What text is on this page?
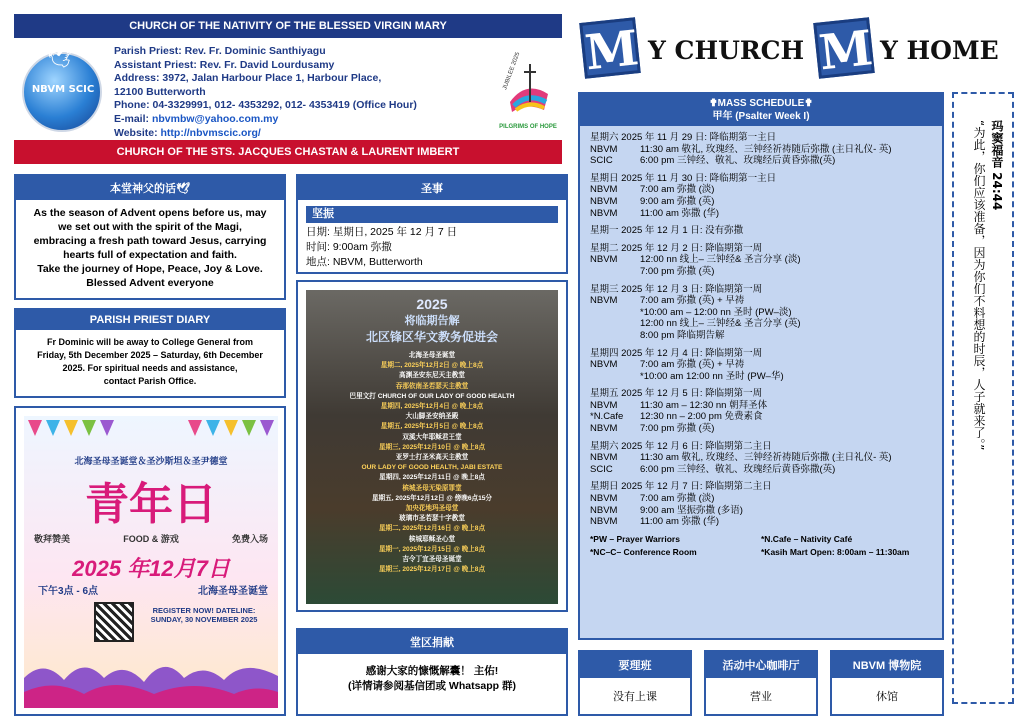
CHURCH OF THE NATIVITY OF THE BLESSED VIRGIN MARY
🕊
NBVM SCIC
Parish Priest: Rev. Fr. Dominic Santhiyagu
Assistant Priest: Rev. Fr. David Lourdusamy
Address: 3972, Jalan Harbour Place 1, Harbour Place,
12100 Butterworth
Phone: 04-3329991, 012- 4353292, 012- 4353419 (Office Hour)
E-mail: nbvmbw@yahoo.com.my
Website: http://nbvmscic.org/
JUBILEE 2025
PILGRIMS OF HOPE
CHURCH OF THE STS. JACQUES CHASTAN & LAURENT IMBERT
本堂神父的话🕊
As the season of Advent opens before us, may
we set out with the spirit of the Magi,
embracing a fresh path toward Jesus, carrying
hearts full of expectation and faith.
Take the journey of Hope, Peace, Joy & Love.
Blessed Advent everyone
PARISH PRIEST DIARY
Fr Dominic will be away to College General from
Friday, 5th December 2025 – Saturday, 6th December
2025. For spiritual needs and assistance,
contact Parish Office.
北海圣母圣诞堂＆圣沙斯坦＆圣尹德堂
青年日
敬拜赞美	FOOD & 游戏	免费入场
2025 年12月7日
下午3点 - 6点	北海圣母圣诞堂
REGISTER NOW! DATELINE: SUNDAY, 30 NOVEMBER 2025
圣事
坚振
日期: 星期日, 2025 年 12 月 7 日
时间: 9:00am 弥撒
地点: NBVM, Butterworth
2025
将临期告解
北区锋区华文教务促进会
北海圣母圣诞堂
星期二, 2025年12月2日 @ 晚上8点
高渊圣安东尼天主教堂
吞那依南圣若瑟天主教堂
巴里文打 CHURCH OF OUR LADY OF GOOD HEALTH
星期四, 2025年12月4日 @ 晚上8点
大山脚圣安纳圣殿
星期五, 2025年12月5日 @ 晚上8点
双溪大年耶稣君王堂
星期三, 2025年12月10日 @ 晚上8点
亚罗士打圣米高天主教堂
OUR LADY OF GOOD HEALTH, JABI ESTATE
星期四, 2025年12月11日 @ 晚上8点
槟城圣母无染原罪堂
星期五, 2025年12月12日 @ 傍晚6点15分
加央花地玛圣母堂
玻璃市圣若瑟十字教堂
星期二, 2025年12月16日 @ 晚上8点
槟城耶稣圣心堂
星期一, 2025年12月15日 @ 晚上8点
吉令丁宜圣母圣诞堂
星期三, 2025年12月17日 @ 晚上8点
堂区捐献
感谢大家的慷慨解囊！ 主佑!
(详情请参阅基信团或 Whatsapp 群)
M Y CHURCH M Y HOME
✟MASS SCHEDULE✟
甲年 (Psalter Week I)
星期六 2025 年 11 月 29 日: 降临期第一主日
NBVM	11:30 am 敬礼, 玫瑰经、三钟经祈祷随后弥撒 (主日礼仪- 英)
SCIC	6:00 pm 三钟经、敬礼、玫瑰经后黄昏弥撒(英)
星期日 2025 年 11 月 30 日: 降临期第一主日
NBVM	7:00 am 弥撒 (淡)
NBVM	9:00 am 弥撒 (英)
NBVM	11:00 am 弥撒 (华)
星期一 2025 年 12 月 1 日: 没有弥撒
星期二 2025 年 12 月 2 日: 降临期第一周
NBVM	12:00 nn 线上– 三钟经& 圣言分享 (淡)
7:00 pm 弥撒 (英)
星期三 2025 年 12 月 3 日: 降临期第一周
NBVM	7:00 am 弥撒 (英) + 早祷
*10:00 am – 12:00 nn 圣时 (PW–淡)
12:00 nn 线上– 三钟经& 圣言分享 (英)
8:00 pm 降临期告解
星期四 2025 年 12 月 4 日: 降临期第一周
NBVM	7:00 am 弥撒 (英) + 早祷
*10:00 am 12:00 nn 圣时 (PW–华)
星期五 2025 年 12 月 5 日: 降临期第一周
NBVM	11:30 am – 12:30 nn 朝拜圣体
*N.Cafe	12:30 nn – 2:00 pm 免费素食
NBVM	7:00 pm 弥撒 (英)
星期六 2025 年 12 月 6 日: 降临期第二主日
NBVM	11:30 am 敬礼, 玫瑰经、三钟经祈祷随后弥撒 (主日礼仪- 英)
SCIC	6:00 pm 三钟经、敬礼、玫瑰经后黄昏弥撒(英)
星期日 2025 年 12 月 7 日: 降临期第二主日
NBVM	7:00 am 弥撒 (淡)
NBVM	9:00 am 坚振弥撒 (多语)
NBVM	11:00 am 弥撒 (华)
*PW – Prayer Warriors	*N.Cafe – Nativity Café
*NC–C– Conference Room	*Kasih Mart Open: 8:00am – 11:30am
要理班
没有上课
活动中心咖啡厅
营业
NBVM 博物院
休馆
玛窦福音 24:44
“为此，你们应该准备，因为你们不料想的时辰，人子就来了。”
